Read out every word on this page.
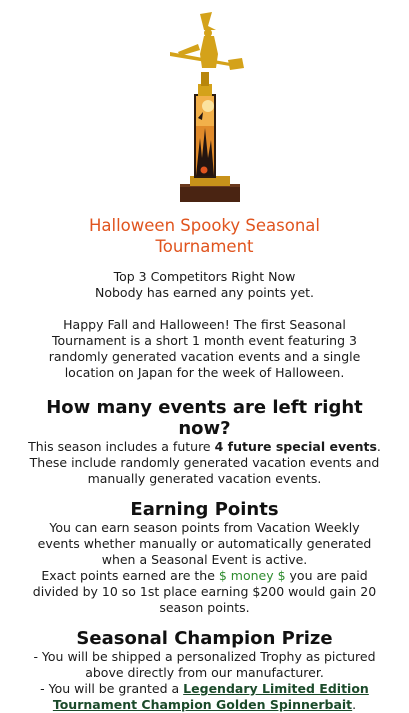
Halloween Spooky Seasonal
Tournament
Top 3 Competitors Right Now
Nobody has earned any points yet.
Happy Fall and Halloween! The first Seasonal
Tournament is a short 1 month event featuring 3
randomly generated vacation events and a single
location on Japan for the week of Halloween.
How many events are left right
now?
This season includes a future 4 future special events.
These include randomly generated vacation events and
manually generated vacation events.
Earning Points
You can earn season points from Vacation Weekly
events whether manually or automatically generated
when a Seasonal Event is active.
Exact points earned are the $ money $ you are paid
divided by 10 so 1st place earning $200 would gain 20
season points.
Seasonal Champion Prize
- You will be shipped a personalized Trophy as pictured
above directly from our manufacturer.
- You will be granted a Legendary Limited Edition
Tournament Champion Golden Spinnerbait.
